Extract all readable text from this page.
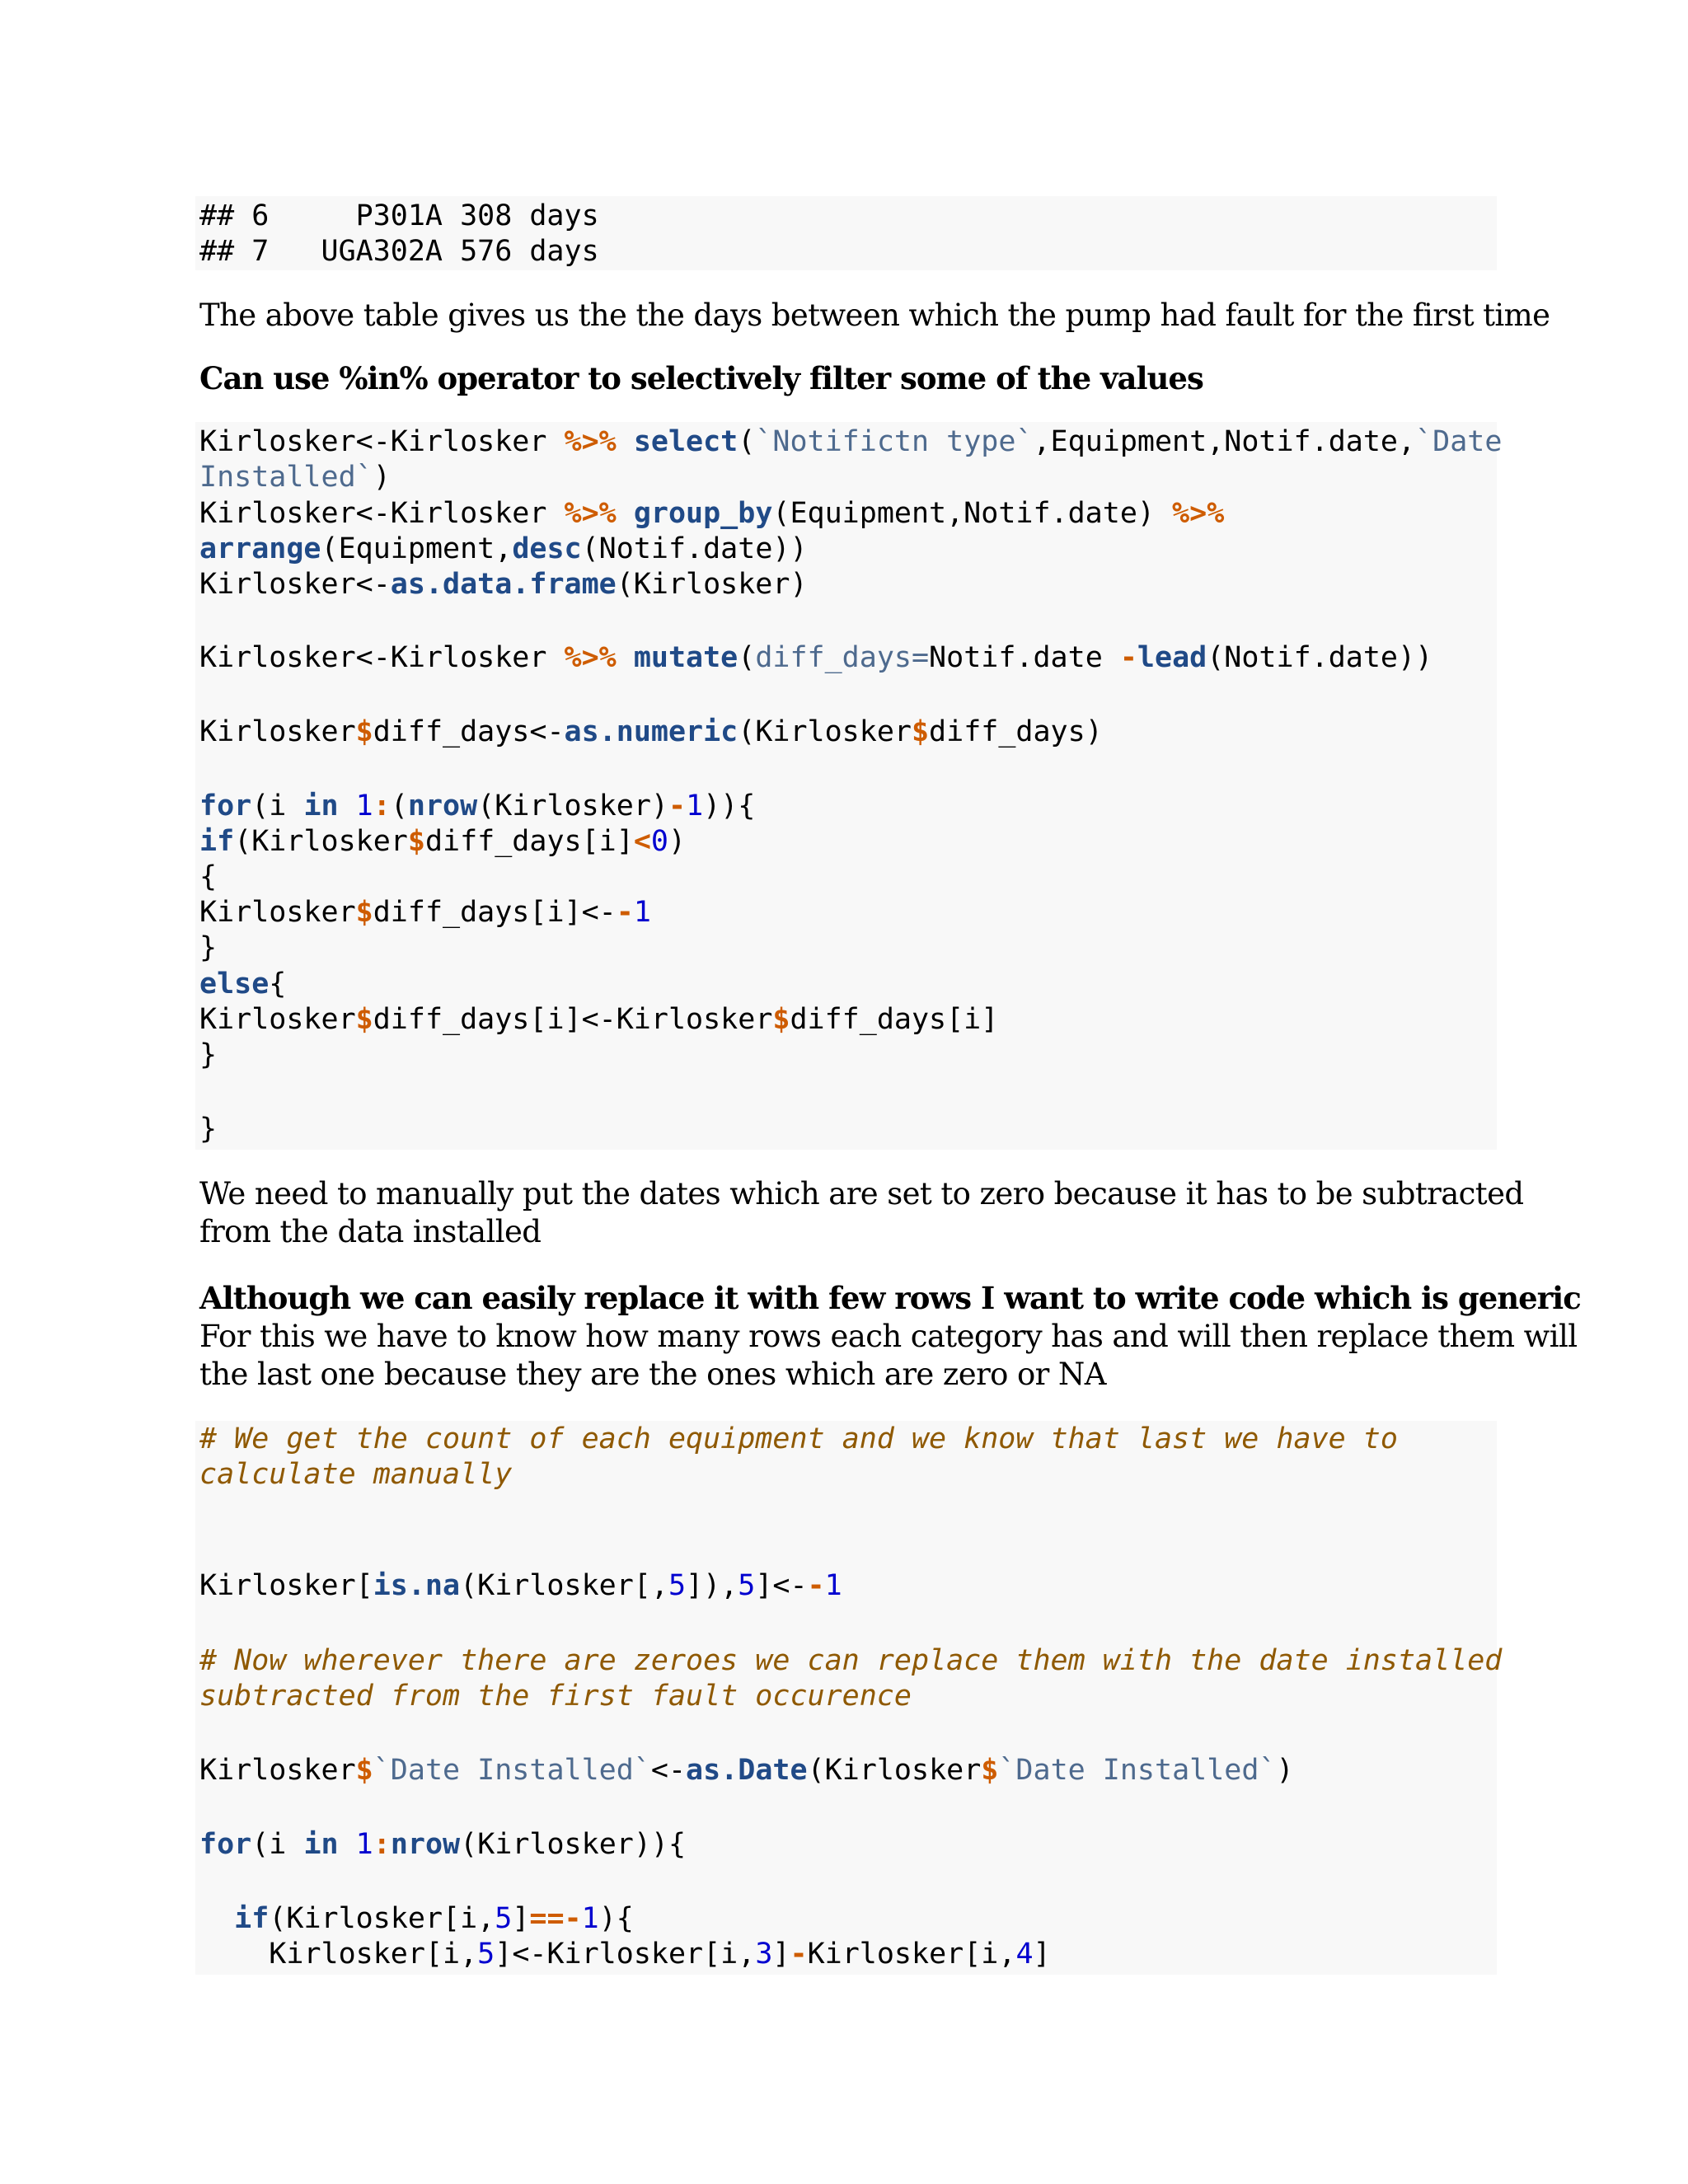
## 6     P301A 308 days
## 7   UGA302A 576 days
The above table gives us the the days between which the pump had fault for the first time
Can use %in% operator to selectively filter some of the values
Kirlosker<-Kirlosker %>% select(`Notifictn type`,Equipment,Notif.date,`Date
Installed`)
Kirlosker<-Kirlosker %>% group_by(Equipment,Notif.date) %>%
arrange(Equipment,desc(Notif.date))
Kirlosker<-as.data.frame(Kirlosker)
Kirlosker<-Kirlosker %>% mutate(diff_days=Notif.date -lead(Notif.date))
Kirlosker$diff_days<-as.numeric(Kirlosker$diff_days)
for(i in 1:(nrow(Kirlosker)-1)){
if(Kirlosker$diff_days[i]<0)
{
Kirlosker$diff_days[i]<--1
}
else{
Kirlosker$diff_days[i]<-Kirlosker$diff_days[i]
}
}
We need to manually put the dates which are set to zero because it has to be subtracted
from the data installed
Although we can easily replace it with few rows I want to write code which is generic
For this we have to know how many rows each category has and will then replace them will
the last one because they are the ones which are zero or NA
# We get the count of each equipment and we know that last we have to
calculate manually
Kirlosker[is.na(Kirlosker[,5]),5]<--1
# Now wherever there are zeroes we can replace them with the date installed
subtracted from the first fault occurence
Kirlosker$`Date Installed`<-as.Date(Kirlosker$`Date Installed`)
for(i in 1:nrow(Kirlosker)){
if(Kirlosker[i,5]==-1){
Kirlosker[i,5]<-Kirlosker[i,3]-Kirlosker[i,4]
